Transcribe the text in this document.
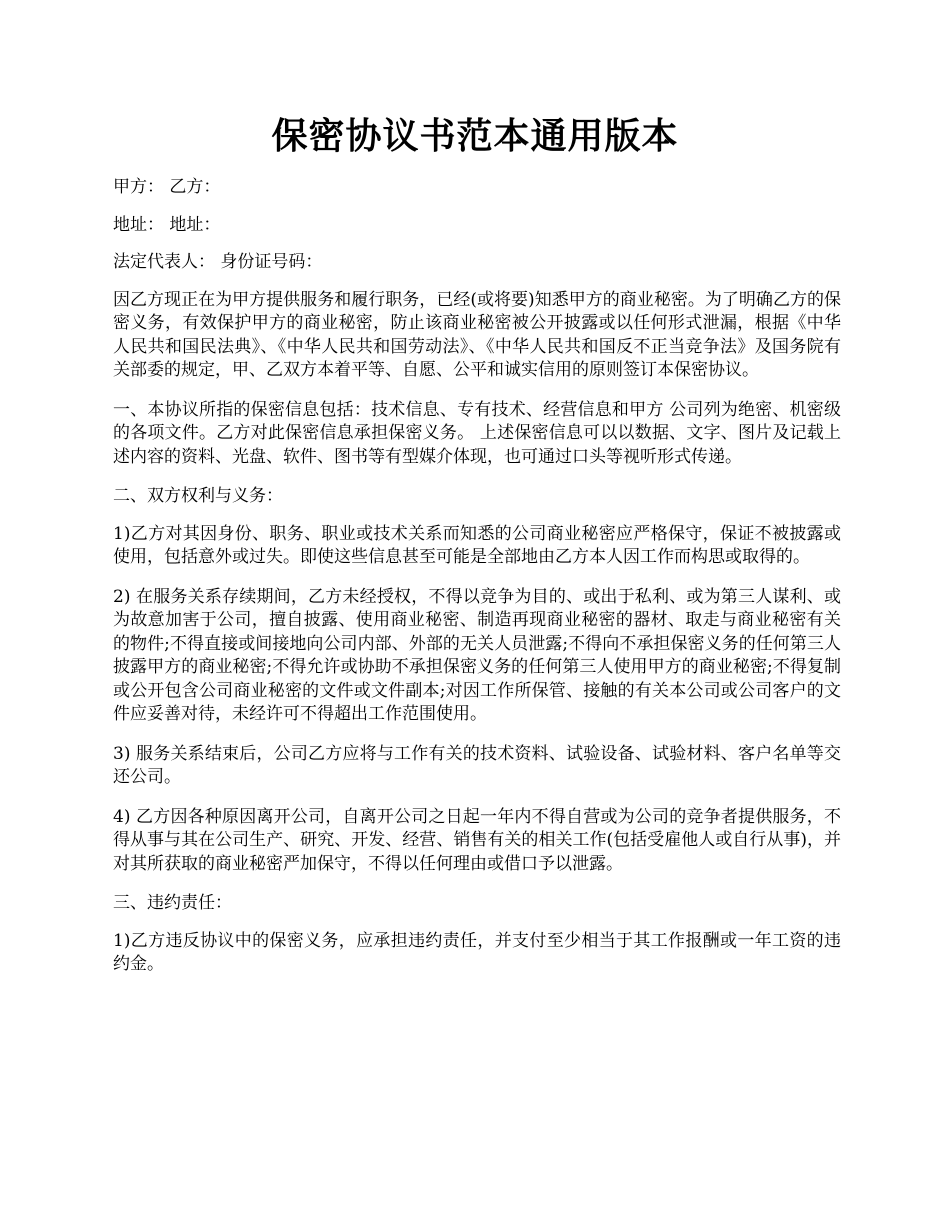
保密协议书范本通用版本

甲方： 乙方：

地址： 地址：

法定代表人： 身份证号码：

因乙方现正在为甲方提供服务和履行职务，已经(或将要)知悉甲方的商业秘密。为了明确乙方的保密义务，有效保护甲方的商业秘密，防止该商业秘密被公开披露或以任何形式泄漏，根据《中华人民共和国民法典》、《中华人民共和国劳动法》、《中华人民共和国反不正当竞争法》及国务院有关部委的规定，甲、乙双方本着平等、自愿、公平和诚实信用的原则签订本保密协议。

一、本协议所指的保密信息包括：技术信息、专有技术、经营信息和甲方 公司列为绝密、机密级的各项文件。乙方对此保密信息承担保密义务。 上述保密信息可以以数据、文字、图片及记载上述内容的资料、光盘、软件、图书等有型媒介体现，也可通过口头等视听形式传递。

二、双方权利与义务：

1)乙方对其因身份、职务、职业或技术关系而知悉的公司商业秘密应严格保守，保证不被披露或使用，包括意外或过失。即使这些信息甚至可能是全部地由乙方本人因工作而构思或取得的。

2) 在服务关系存续期间，乙方未经授权，不得以竞争为目的、或出于私利、或为第三人谋利、或为故意加害于公司，擅自披露、使用商业秘密、制造再现商业秘密的器材、取走与商业秘密有关的物件;不得直接或间接地向公司内部、外部的无关人员泄露;不得向不承担保密义务的任何第三人披露甲方的商业秘密;不得允许或协助不承担保密义务的任何第三人使用甲方的商业秘密;不得复制或公开包含公司商业秘密的文件或文件副本;对因工作所保管、接触的有关本公司或公司客户的文件应妥善对待，未经许可不得超出工作范围使用。

3) 服务关系结束后，公司乙方应将与工作有关的技术资料、试验设备、试验材料、客户名单等交还公司。

4) 乙方因各种原因离开公司，自离开公司之日起一年内不得自营或为公司的竞争者提供服务，不得从事与其在公司生产、研究、开发、经营、销售有关的相关工作(包括受雇他人或自行从事)，并对其所获取的商业秘密严加保守，不得以任何理由或借口予以泄露。

三、违约责任：

1)乙方违反协议中的保密义务，应承担违约责任，并支付至少相当于其工作报酬或一年工资的违约金。
